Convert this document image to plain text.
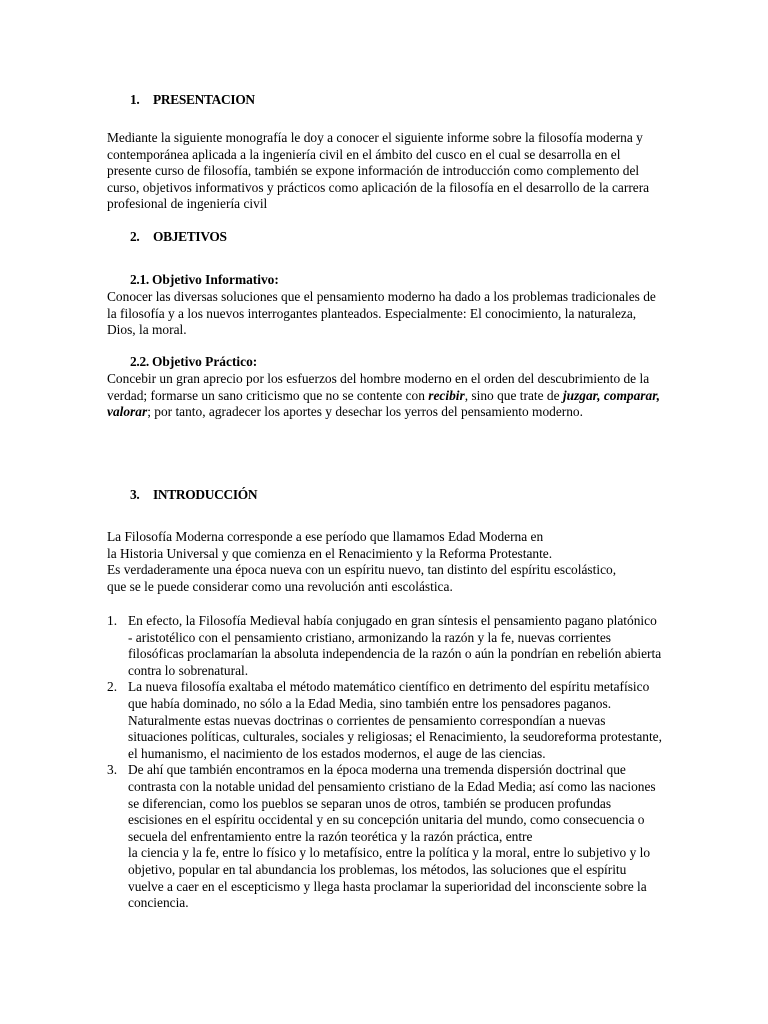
1. PRESENTACION

Mediante la siguiente monografía le doy a conocer el siguiente informe sobre la filosofía moderna y contemporánea aplicada a la ingeniería civil en el ámbito del cusco en el cual se desarrolla en el presente curso de filosofía, también se expone información de introducción como complemento del curso, objetivos informativos y prácticos como aplicación de la filosofía en el desarrollo de la carrera profesional de ingeniería civil

2. OBJETIVOS
2.1. Objetivo Informativo:

Conocer las diversas soluciones que el pensamiento moderno ha dado a los problemas tradicionales de la filosofía y a los nuevos interrogantes planteados. Especialmente: El conocimiento, la naturaleza, Dios, la moral.

2.2. Objetivo Práctico:

Concebir un gran aprecio por los esfuerzos del hombre moderno en el orden del descubrimiento de la verdad; formarse un sano criticismo que no se contente con recibir, sino que trate de juzgar, comparar, valorar; por tanto, agradecer los aportes y desechar los yerros del pensamiento moderno.

3. INTRODUCCIÓN

La Filosofía Moderna corresponde a ese período que llamamos Edad Moderna en
la Historia Universal y que comienza en el Renacimiento y la Reforma Protestante.
Es verdaderamente una época nueva con un espíritu nuevo, tan distinto del espíritu escolástico, que se le puede considerar como una revolución anti escolástica.

1. En efecto, la Filosofía Medieval había conjugado en gran síntesis el pensamiento pagano platónico - aristotélico con el pensamiento cristiano, armonizando la razón y la fe, nuevas corrientes filosóficas proclamarían la absoluta independencia de la razón o aún la pondrían en rebelión abierta contra lo sobrenatural.
2. La nueva filosofía exaltaba el método matemático científico en detrimento del espíritu metafísico que había dominado, no sólo a la Edad Media, sino también entre los pensadores paganos. Naturalmente estas nuevas doctrinas o corrientes de pensamiento correspondían a nuevas situaciones políticas, culturales, sociales y religiosas; el Renacimiento, la seudoreforma protestante, el humanismo, el nacimiento de los estados modernos, el auge de las ciencias.
3. De ahí que también encontramos en la época moderna una tremenda dispersión doctrinal que contrasta con la notable unidad del pensamiento cristiano de la Edad Media; así como las naciones se diferencian, como los pueblos se separan unos de otros, también se producen profundas escisiones en el espíritu occidental y en su concepción unitaria del mundo, como consecuencia o secuela del enfrentamiento entre la razón teorética y la razón práctica, entre
la ciencia y la fe, entre lo físico y lo metafísico, entre la política y la moral, entre lo subjetivo y lo objetivo, popular en tal abundancia los problemas, los métodos, las soluciones que el espíritu vuelve a caer en el escepticismo y llega hasta proclamar la superioridad del inconsciente sobre la conciencia.
